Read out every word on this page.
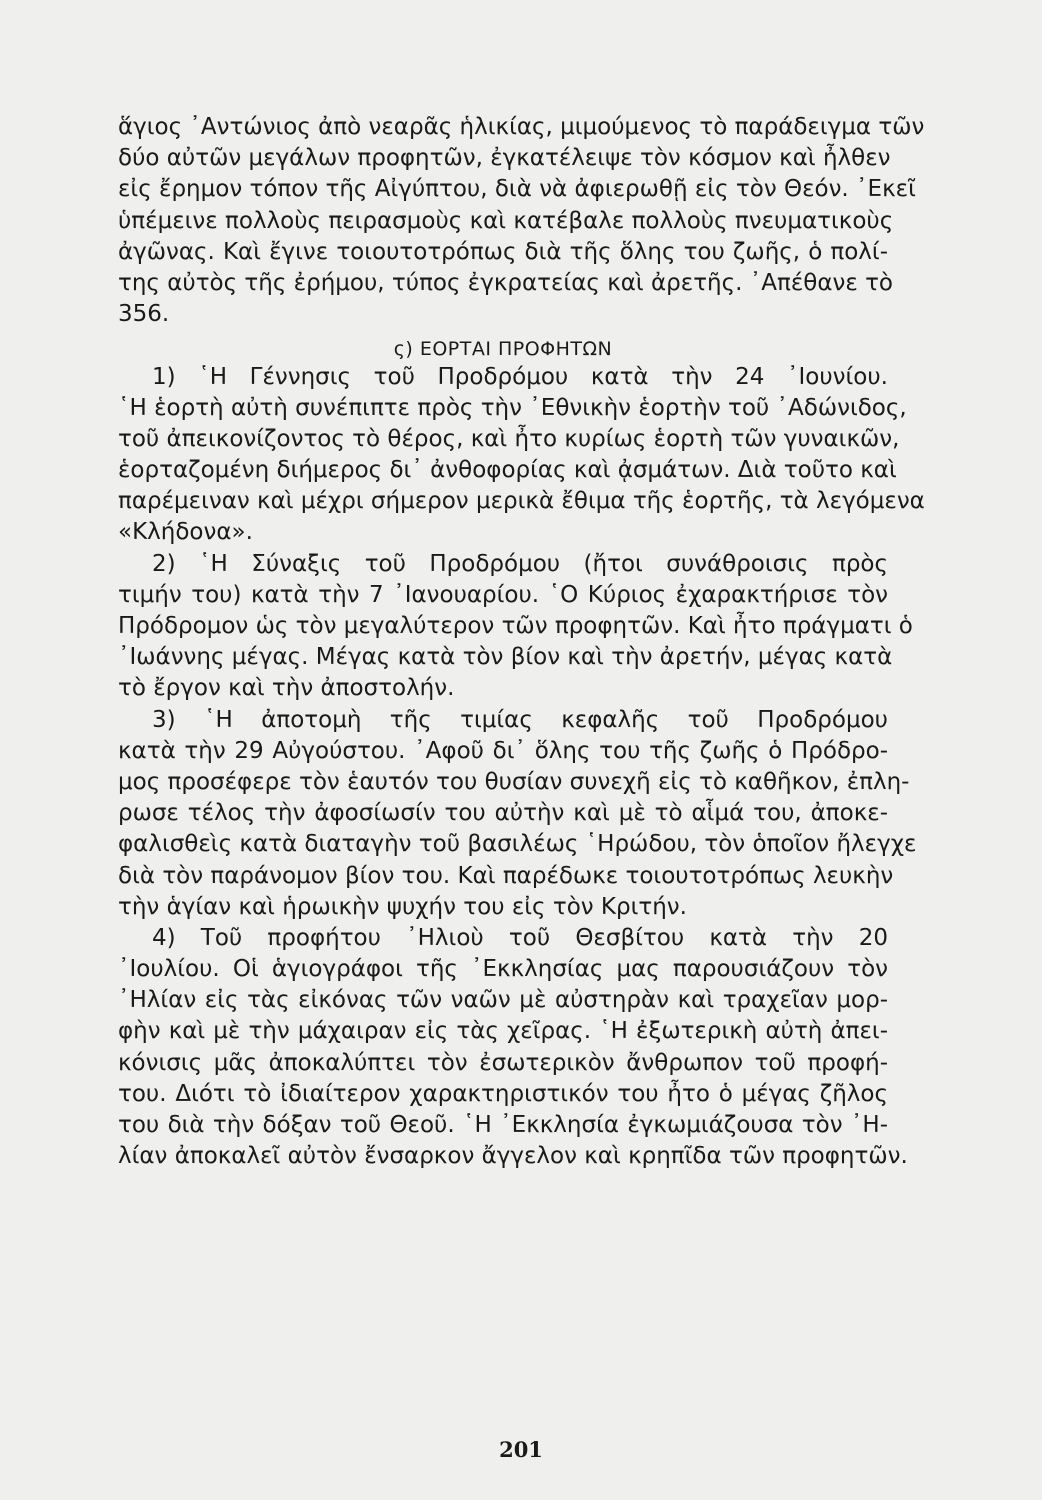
ἅγιος ᾿Αντώνιος ἀπὸ νεαρᾶς ἡλικίας, μιμούμενος τὸ παράδειγμα τῶν
δύο αὐτῶν μεγάλων προφητῶν, ἐγκατέλειψε τὸν κόσμον καὶ ἦλθεν
εἰς ἔρημον τόπον τῆς Αἰγύπτου, διὰ νὰ ἀφιερωθῇ εἰς τὸν Θεόν. ᾿Εκεῖ
ὑπέμεινε πολλοὺς πειρασμοὺς καὶ κατέβαλε πολλοὺς πνευματικοὺς
ἀγῶνας. Καὶ ἔγινε τοιουτοτρόπως διὰ τῆς ὅλης του ζωῆς, ὁ πολί-
της αὐτὸς τῆς ἐρήμου, τύπος ἐγκρατείας καὶ ἀρετῆς. ᾿Απέθανε τὸ
356.
ς) ΕΟΡΤΑΙ ΠΡΟΦΗΤΩΝ
1) ῾Η Γέννησις τοῦ Προδρόμου κατὰ τὴν 24 ᾿Ιουνίου.
῾Η ἑορτὴ αὐτὴ συνέπιπτε πρὸς τὴν ᾿Εθνικὴν ἑορτὴν τοῦ ᾿Αδώνιδος,
τοῦ ἀπεικονίζοντος τὸ θέρος, καὶ ἦτο κυρίως ἑορτὴ τῶν γυναικῶν,
ἑορταζομένη διήμερος δι᾿ ἀνθοφορίας καὶ ᾀσμάτων. Διὰ τοῦτο καὶ
παρέμειναν καὶ μέχρι σήμερον μερικὰ ἔθιμα τῆς ἑορτῆς, τὰ λεγόμενα
«Κλήδονα».
2) ῾Η Σύναξις τοῦ Προδρόμου (ἤτοι συνάθροισις πρὸς
τιμήν του) κατὰ τὴν 7 ᾿Ιανουαρίου. ῾Ο Κύριος ἐχαρακτήρισε τὸν
Πρόδρομον ὡς τὸν μεγαλύτερον τῶν προφητῶν. Καὶ ἦτο πράγματι ὁ
᾿Ιωάννης μέγας. Μέγας κατὰ τὸν βίον καὶ τὴν ἀρετήν, μέγας κατὰ
τὸ ἔργον καὶ τὴν ἀποστολήν.
3) ῾Η ἀποτομὴ τῆς τιμίας κεφαλῆς τοῦ Προδρόμου
κατὰ τὴν 29 Αὐγούστου. ᾿Αφοῦ δι᾿ ὅλης του τῆς ζωῆς ὁ Πρόδρο-
μος προσέφερε τὸν ἑαυτόν του θυσίαν συνεχῆ εἰς τὸ καθῆκον, ἐπλη-
ρωσε τέλος τὴν ἀφοσίωσίν του αὐτὴν καὶ μὲ τὸ αἷμά του, ἀποκε-
φαλισθεὶς κατὰ διαταγὴν τοῦ βασιλέως ῾Ηρώδου, τὸν ὁποῖον ἤλεγχε
διὰ τὸν παράνομον βίον του. Καὶ παρέδωκε τοιουτοτρόπως λευκὴν
τὴν ἁγίαν καὶ ἡρωικὴν ψυχήν του εἰς τὸν Κριτήν.
4) Τοῦ προφήτου ᾿Ηλιοὺ τοῦ Θεσβίτου κατὰ τὴν 20
᾿Ιουλίου. Οἱ ἁγιογράφοι τῆς ᾿Εκκλησίας μας παρουσιάζουν τὸν
᾿Ηλίαν εἰς τὰς εἰκόνας τῶν ναῶν μὲ αὐστηρὰν καὶ τραχεῖαν μορ-
φὴν καὶ μὲ τὴν μάχαιραν εἰς τὰς χεῖρας. ῾Η ἐξωτερικὴ αὐτὴ ἀπει-
κόνισις μᾶς ἀποκαλύπτει τὸν ἐσωτερικὸν ἄνθρωπον τοῦ προφή-
του. Διότι τὸ ἰδιαίτερον χαρακτηριστικόν του ἦτο ὁ μέγας ζῆλος
του διὰ τὴν δόξαν τοῦ Θεοῦ. ῾Η ᾿Εκκλησία ἐγκωμιάζουσα τὸν ᾿Η-
λίαν ἀποκαλεῖ αὐτὸν ἔνσαρκον ἄγγελον καὶ κρηπῖδα τῶν προφητῶν.
201
